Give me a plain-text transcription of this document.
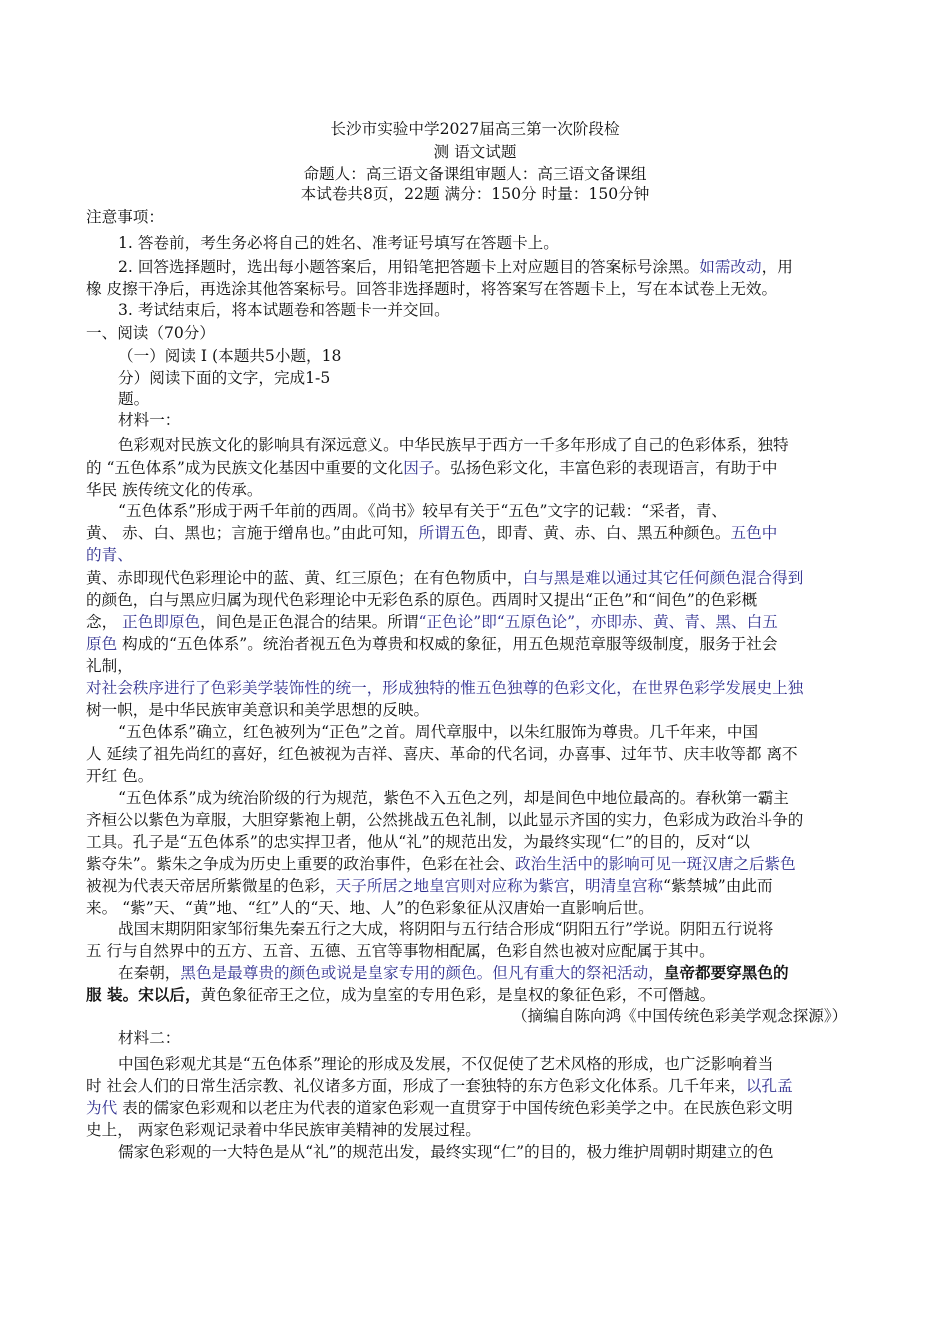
长沙市实验中学2027届高三第一次阶段检
测 语文试题
命题人：高三语文备课组审题人：高三语文备课组
本试卷共8页，22题 满分：150分 时量：150分钟
注意事项：
1. 答卷前，考生务必将自己的姓名、准考证号填写在答题卡上。
2. 回答选择题时，选出每小题答案后，用铅笔把答题卡上对应题目的答案标号涂黑。如需改动，用
橡 皮擦干净后，再选涂其他答案标号。回答非选择题时，将答案写在答题卡上，写在本试卷上无效。
3. 考试结束后，将本试题卷和答题卡一并交回。
一、阅读（70分）
（一）阅读 I (本题共5小题，18
分）阅读下面的文字，完成1-5
题。
材料一：
色彩观对民族文化的影响具有深远意义。中华民族早于西方一千多年形成了自己的色彩体系，独特
的 “五色体系”成为民族文化基因中重要的文化因子。弘扬色彩文化，丰富色彩的表现语言，有助于中
华民 族传统文化的传承。
“五色体系”形成于两千年前的西周。《尚书》较早有关于“五色”文字的记载：“采者，青、
黄、 赤、白、黑也；言施于缯帛也。”由此可知，所谓五色，即青、黄、赤、白、黑五种颜色。五色中
的青、
黄、赤即现代色彩理论中的蓝、黄、红三原色；在有色物质中，白与黑是难以通过其它任何颜色混合得到
的颜色，白与黑应归属为现代色彩理论中无彩色系的原色。西周时又提出“正色”和“间色”的色彩概
念， 正色即原色，间色是正色混合的结果。所谓“正色论”即“五原色论”，亦即赤、黄、青、黑、白五
原色 构成的“五色体系”。统治者视五色为尊贵和权威的象征，用五色规范章服等级制度，服务于社会
礼制，
对社会秩序进行了色彩美学装饰性的统一，形成独特的惟五色独尊的色彩文化，在世界色彩学发展史上独
树一帜，是中华民族审美意识和美学思想的反映。
“五色体系”确立，红色被列为“正色”之首。周代章服中，以朱红服饰为尊贵。几千年来，中国
人 延续了祖先尚红的喜好，红色被视为吉祥、喜庆、革命的代名词，办喜事、过年节、庆丰收等都 离不
开红 色。
“五色体系”成为统治阶级的行为规范，紫色不入五色之列，却是间色中地位最高的。春秋第一霸主
齐桓公以紫色为章服，大胆穿紫袍上朝，公然挑战五色礼制，以此显示齐国的实力，色彩成为政治斗争的
工具。孔子是“五色体系”的忠实捍卫者，他从“礼”的规范出发，为最终实现“仁”的目的，反对“以
紫夺朱”。紫朱之争成为历史上重要的政治事件，色彩在社会、政治生活中的影响可见一斑汉唐之后紫色
被视为代表天帝居所紫微星的色彩，天子所居之地皇宫则对应称为紫宫，明清皇宫称“紫禁城”由此而
来。 “紫”天、“黄”地、“红”人的“天、地、人”的色彩象征从汉唐始一直影响后世。
战国末期阴阳家邹衍集先秦五行之大成，将阴阳与五行结合形成“阴阳五行”学说。阴阳五行说将
五 行与自然界中的五方、五音、五德、五官等事物相配属，色彩自然也被对应配属于其中。
在秦朝，黑色是最尊贵的颜色或说是皇家专用的颜色。但凡有重大的祭祀活动，皇帝都要穿黑色的
服 装。宋以后，黄色象征帝王之位，成为皇室的专用色彩，是皇权的象征色彩，不可僭越。
（摘编自陈向鸿《中国传统色彩美学观念探源》）
材料二：
中国色彩观尤其是“五色体系”理论的形成及发展，不仅促使了艺术风格的形成，也广泛影响着当
时 社会人们的日常生活宗教、礼仪诸多方面，形成了一套独特的东方色彩文化体系。几千年来，以孔孟
为代 表的儒家色彩观和以老庄为代表的道家色彩观一直贯穿于中国传统色彩美学之中。在民族色彩文明
史上， 两家色彩观记录着中华民族审美精神的发展过程。
儒家色彩观的一大特色是从“礼”的规范出发，最终实现“仁”的目的，极力维护周朝时期建立的色
